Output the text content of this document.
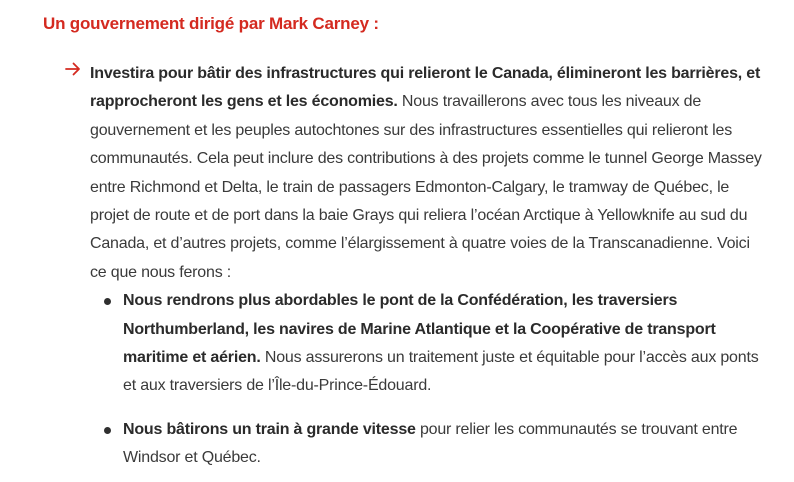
Un gouvernement dirigé par Mark Carney :
Investira pour bâtir des infrastructures qui relieront le Canada, élimineront les barrières, et rapprocheront les gens et les économies. Nous travaillerons avec tous les niveaux de gouvernement et les peuples autochtones sur des infrastructures essentielles qui relieront les communautés. Cela peut inclure des contributions à des projets comme le tunnel George Massey entre Richmond et Delta, le train de passagers Edmonton-Calgary, le tramway de Québec, le projet de route et de port dans la baie Grays qui reliera l’océan Arctique à Yellowknife au sud du Canada, et d’autres projets, comme l’élargissement à quatre voies de la Transcanadienne. Voici ce que nous ferons :
Nous rendrons plus abordables le pont de la Confédération, les traversiers Northumberland, les navires de Marine Atlantique et la Coopérative de transport maritime et aérien. Nous assurerons un traitement juste et équitable pour l’accès aux ponts et aux traversiers de l’Île-du-Prince-Édouard.
Nous bâtirons un train à grande vitesse pour relier les communautés se trouvant entre Windsor et Québec.
